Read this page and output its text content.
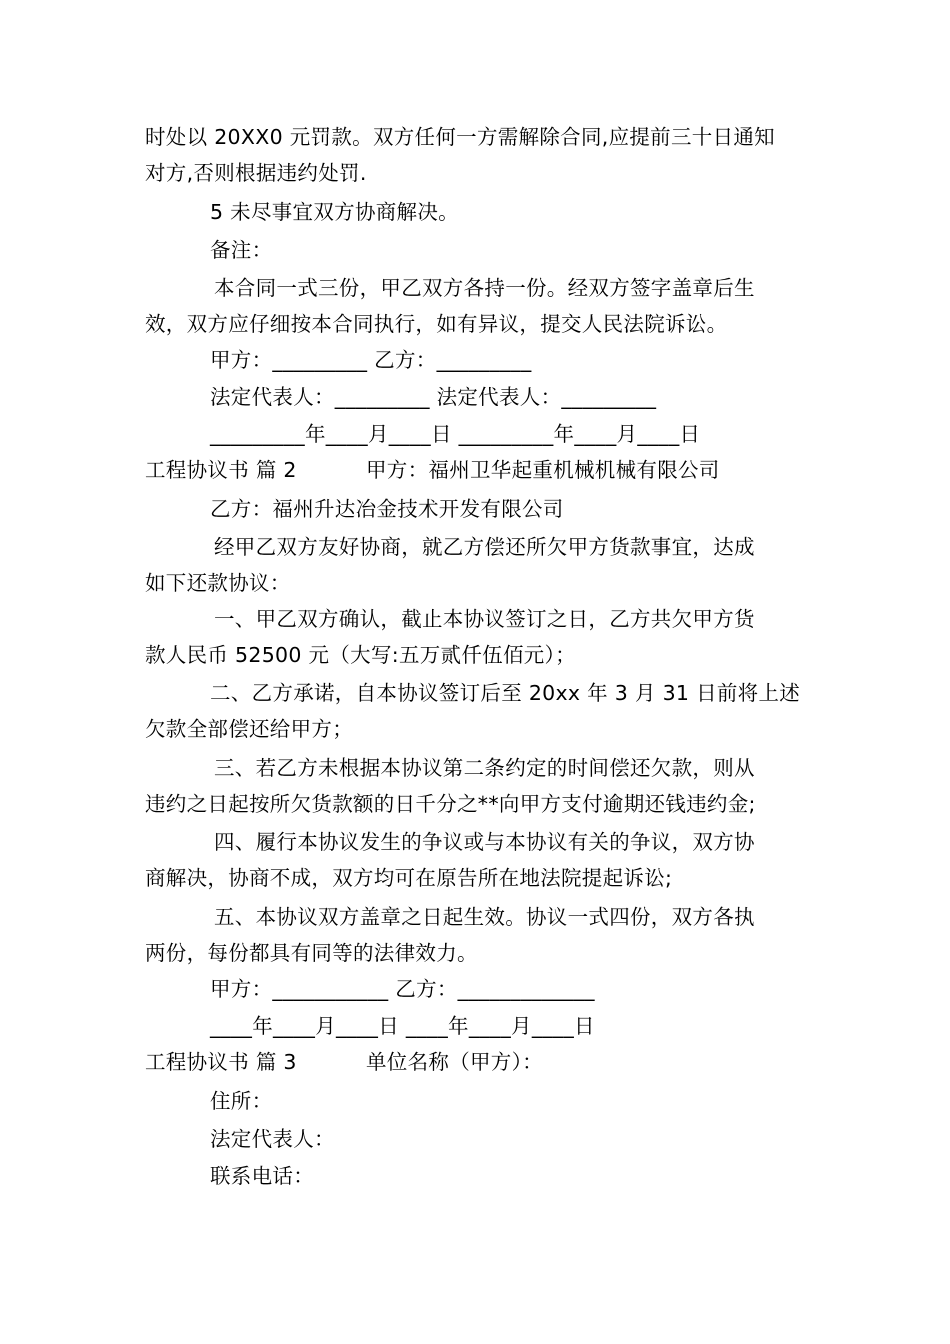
时处以 20XX0 元罚款。双方任何一方需解除合同,应提前三十日通知
对方,否则根据违约处罚.
5 未尽事宜双方协商解决。
备注：
本合同一式三份，甲乙双方各持一份。经双方签字盖章后生
效，双方应仔细按本合同执行，如有异议，提交人民法院诉讼。
甲方：_________ 乙方：_________
法定代表人：_________ 法定代表人：_________
_________年____月____日 _________年____月____日
工程协议书 篇 2	甲方：福州卫华起重机械机械有限公司
乙方：福州升达冶金技术开发有限公司
经甲乙双方友好协商，就乙方偿还所欠甲方货款事宜，达成
如下还款协议：
一、甲乙双方确认，截止本协议签订之日，乙方共欠甲方货
款人民币 52500 元（大写:五万贰仟伍佰元）；
二、乙方承诺，自本协议签订后至 20xx 年 3 月 31 日前将上述
欠款全部偿还给甲方；
三、若乙方未根据本协议第二条约定的时间偿还欠款，则从
违约之日起按所欠货款额的日千分之**向甲方支付逾期还钱违约金;
四、履行本协议发生的争议或与本协议有关的争议，双方协
商解决，协商不成，双方均可在原告所在地法院提起诉讼;
五、本协议双方盖章之日起生效。协议一式四份，双方各执
两份，每份都具有同等的法律效力。
甲方：___________ 乙方：_____________
____年____月____日 ____年____月____日
工程协议书 篇 3	单位名称（甲方）：
住所：
法定代表人：
联系电话：
